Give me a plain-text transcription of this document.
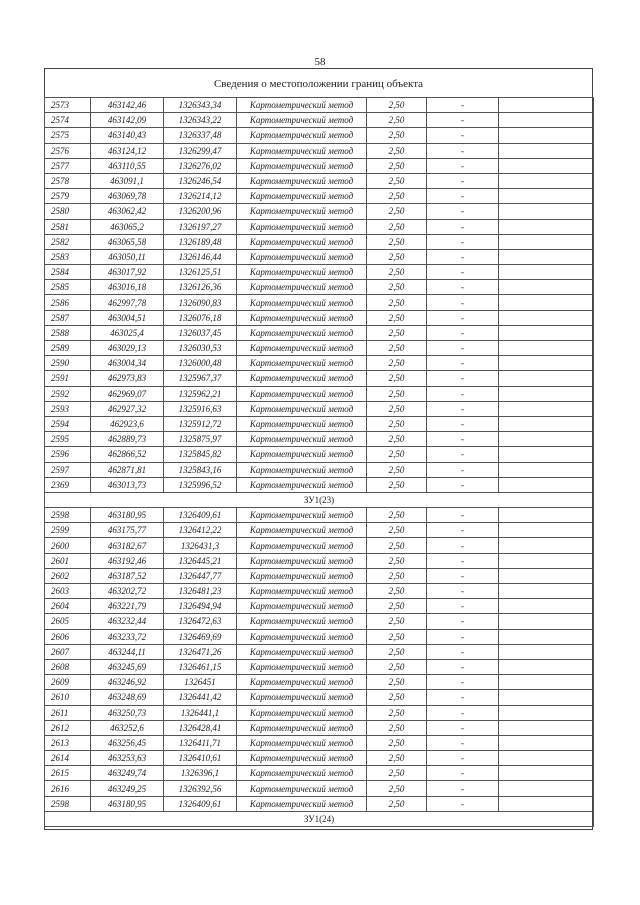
58
Сведения о местоположении границ объекта
2573	463142,46	1326343,34	Картометрический метод	2,50	-	
2574	463142,09	1326343,22	Картометрический метод	2,50	-	
2575	463140,43	1326337,48	Картометрический метод	2,50	-	
2576	463124,12	1326299,47	Картометрический метод	2,50	-	
2577	463110,55	1326276,02	Картометрический метод	2,50	-	
2578	463091,1	1326246,54	Картометрический метод	2,50	-	
2579	463069,78	1326214,12	Картометрический метод	2,50	-	
2580	463062,42	1326200,96	Картометрический метод	2,50	-	
2581	463065,2	1326197,27	Картометрический метод	2,50	-	
2582	463065,58	1326189,48	Картометрический метод	2,50	-	
2583	463050,11	1326146,44	Картометрический метод	2,50	-	
2584	463017,92	1326125,51	Картометрический метод	2,50	-	
2585	463016,18	1326126,36	Картометрический метод	2,50	-	
2586	462997,78	1326090,83	Картометрический метод	2,50	-	
2587	463004,51	1326076,18	Картометрический метод	2,50	-	
2588	463025,4	1326037,45	Картометрический метод	2,50	-	
2589	463029,13	1326030,53	Картометрический метод	2,50	-	
2590	463004,34	1326000,48	Картометрический метод	2,50	-	
2591	462973,83	1325967,37	Картометрический метод	2,50	-	
2592	462969,07	1325962,21	Картометрический метод	2,50	-	
2593	462927,32	1325916,63	Картометрический метод	2,50	-	
2594	462923,6	1325912,72	Картометрический метод	2,50	-	
2595	462889,73	1325875,97	Картометрический метод	2,50	-	
2596	462866,52	1325845,82	Картометрический метод	2,50	-	
2597	462871,81	1325843,16	Картометрический метод	2,50	-	
2369	463013,73	1325996,52	Картометрический метод	2,50	-	
ЗУ1(23)						
2598	463180,95	1326409,61	Картометрический метод	2,50	-	
2599	463175,77	1326412,22	Картометрический метод	2,50	-	
2600	463182,67	1326431,3	Картометрический метод	2,50	-	
2601	463192,46	1326445,21	Картометрический метод	2,50	-	
2602	463187,52	1326447,77	Картометрический метод	2,50	-	
2603	463202,72	1326481,23	Картометрический метод	2,50	-	
2604	463221,79	1326494,94	Картометрический метод	2,50	-	
2605	463232,44	1326472,63	Картометрический метод	2,50	-	
2606	463233,72	1326469,69	Картометрический метод	2,50	-	
2607	463244,11	1326471,26	Картометрический метод	2,50	-	
2608	463245,69	1326461,15	Картометрический метод	2,50	-	
2609	463246,92	1326451	Картометрический метод	2,50	-	
2610	463248,69	1326441,42	Картометрический метод	2,50	-	
2611	463250,73	1326441,1	Картометрический метод	2,50	-	
2612	463252,6	1326428,41	Картометрический метод	2,50	-	
2613	463256,45	1326411,71	Картометрический метод	2,50	-	
2614	463253,63	1326410,61	Картометрический метод	2,50	-	
2615	463249,74	1326396,1	Картометрический метод	2,50	-	
2616	463249,25	1326392,56	Картометрический метод	2,50	-	
2598	463180,95	1326409,61	Картометрический метод	2,50	-	
ЗУ1(24)						
